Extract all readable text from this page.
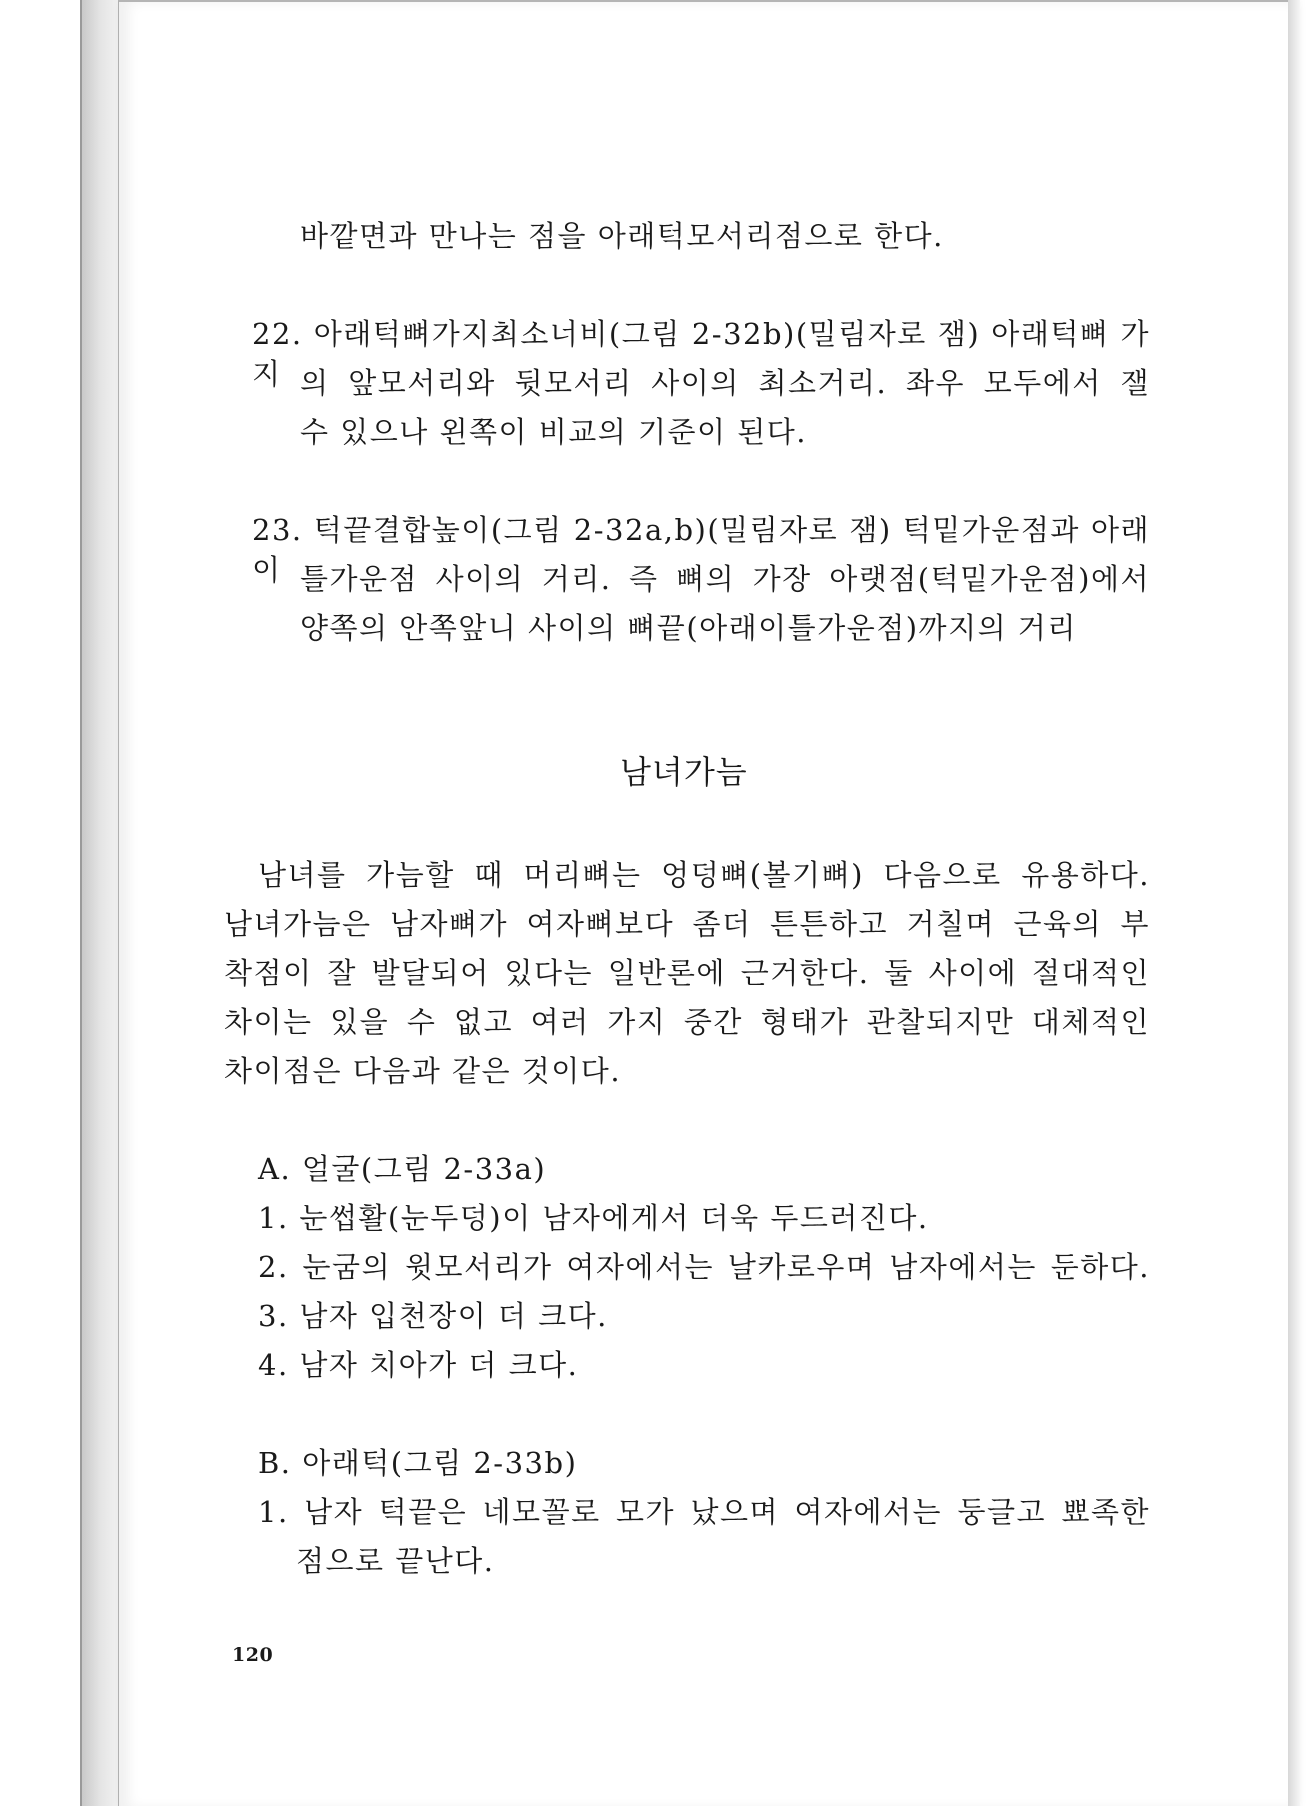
바깥면과 만나는 점을 아래턱모서리점으로 한다.
22. 아래턱뼈가지최소너비(그림 2-32b)(밀림자로 잼) 아래턱뼈 가지 의 앞모서리와 뒷모서리 사이의 최소거리. 좌우 모두에서 잴
수 있으나 왼쪽이 비교의 기준이 된다.
23. 턱끝결합높이(그림 2-32a,b)(밀림자로 잼) 턱밑가운점과 아래이 틀가운점 사이의 거리. 즉 뼈의 가장 아랫점(턱밑가운점)에서
양쪽의 안쪽앞니 사이의 뼈끝(아래이틀가운점)까지의 거리
남녀가늠
남녀를 가늠할 때 머리뼈는 엉덩뼈(볼기뼈) 다음으로 유용하다.
남녀가늠은 남자뼈가 여자뼈보다 좀더 튼튼하고 거칠며 근육의 부
착점이 잘 발달되어 있다는 일반론에 근거한다. 둘 사이에 절대적인
차이는 있을 수 없고 여러 가지 중간 형태가 관찰되지만 대체적인
차이점은 다음과 같은 것이다.
A. 얼굴(그림 2-33a)
1. 눈썹활(눈두덩)이 남자에게서 더욱 두드러진다.
2. 눈굼의 윗모서리가 여자에서는 날카로우며 남자에서는 둔하다.
3. 남자 입천장이 더 크다.
4. 남자 치아가 더 크다.
B. 아래턱(그림 2-33b)
1. 남자 턱끝은 네모꼴로 모가 났으며 여자에서는 둥글고 뾰족한
점으로 끝난다.
120
